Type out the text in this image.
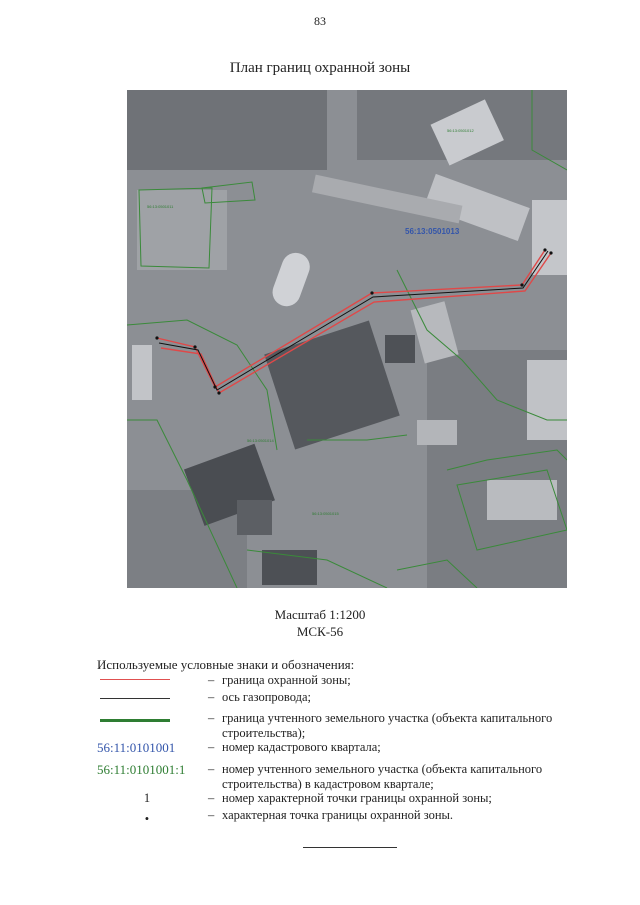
83
План границ охранной зоны
56:13:0501013
56:13:0501011
56:13:0501012
56:13:0501014
56:13:0501015
Масштаб 1:1200
МСК-56
Используемые условные знаки и обозначения:
– граница охранной зоны;
– ось газопровода;
– граница учтенного земельного участка (объекта капитального строительства);
56:11:0101001	– номер кадастрового квартала;
56:11:0101001:1	– номер учтенного земельного участка (объекта капитального строительства) в кадастровом квартале;
1	– номер характерной точки границы охранной зоны;
•	– характерная точка границы охранной зоны.
